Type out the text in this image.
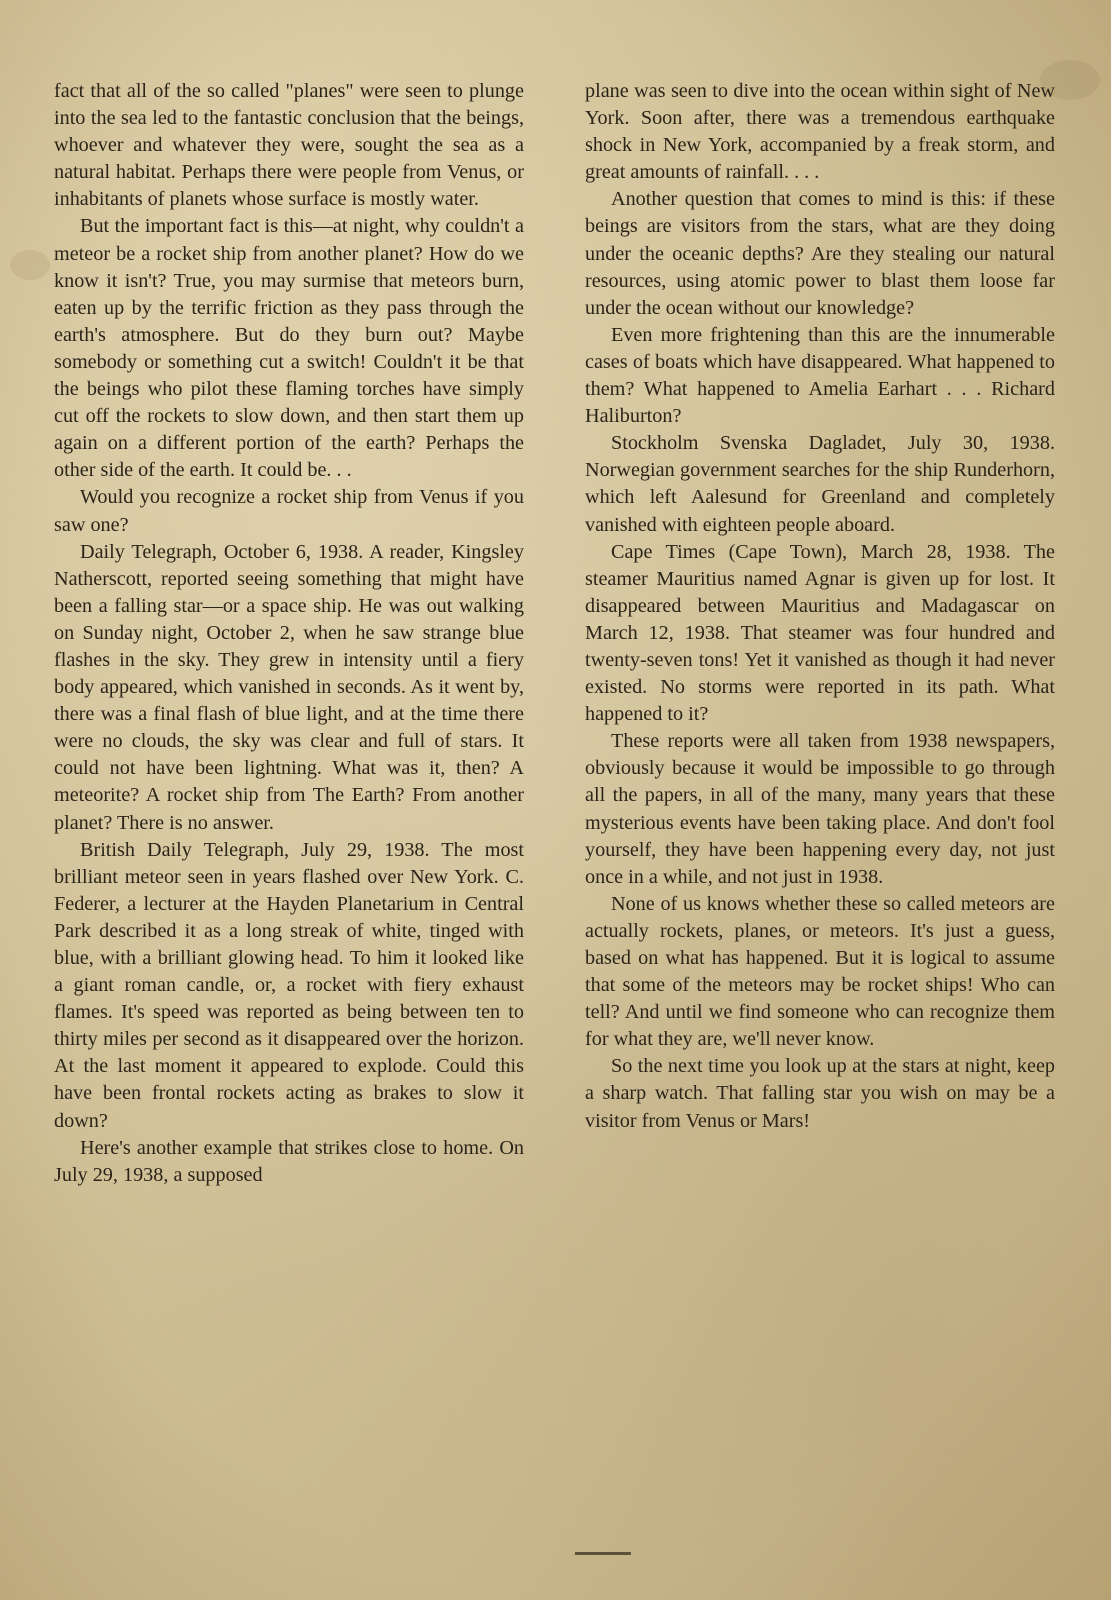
fact that all of the so called "planes" were seen to plunge into the sea led to the fantastic conclusion that the beings, whoever and whatever they were, sought the sea as a natural habitat. Perhaps there were people from Venus, or inhabitants of planets whose surface is mostly water.

But the important fact is this—at night, why couldn't a meteor be a rocket ship from another planet? How do we know it isn't? True, you may surmise that meteors burn, eaten up by the terrific friction as they pass through the earth's atmosphere. But do they burn out? Maybe somebody or something cut a switch! Couldn't it be that the beings who pilot these flaming torches have simply cut off the rockets to slow down, and then start them up again on a different portion of the earth? Perhaps the other side of the earth. It could be. . .

Would you recognize a rocket ship from Venus if you saw one?

Daily Telegraph, October 6, 1938. A reader, Kingsley Natherscott, reported seeing something that might have been a falling star—or a space ship. He was out walking on Sunday night, October 2, when he saw strange blue flashes in the sky. They grew in intensity until a fiery body appeared, which vanished in seconds. As it went by, there was a final flash of blue light, and at the time there were no clouds, the sky was clear and full of stars. It could not have been lightning. What was it, then? A meteorite? A rocket ship from The Earth? From another planet? There is no answer.

British Daily Telegraph, July 29, 1938. The most brilliant meteor seen in years flashed over New York. C. Federer, a lecturer at the Hayden Planetarium in Central Park described it as a long streak of white, tinged with blue, with a brilliant glowing head. To him it looked like a giant roman candle, or, a rocket with fiery exhaust flames. It's speed was reported as being between ten to thirty miles per second as it disappeared over the horizon. At the last moment it appeared to explode. Could this have been frontal rockets acting as brakes to slow it down?

Here's another example that strikes close to home. On July 29, 1938, a supposed

plane was seen to dive into the ocean within sight of New York. Soon after, there was a tremendous earthquake shock in New York, accompanied by a freak storm, and great amounts of rainfall. . . .

Another question that comes to mind is this: if these beings are visitors from the stars, what are they doing under the oceanic depths? Are they stealing our natural resources, using atomic power to blast them loose far under the ocean without our knowledge?

Even more frightening than this are the innumerable cases of boats which have disappeared. What happened to them? What happened to Amelia Earhart . . . Richard Haliburton?

Stockholm Svenska Dagladet, July 30, 1938. Norwegian government searches for the ship Runderhorn, which left Aalesund for Greenland and completely vanished with eighteen people aboard.

Cape Times (Cape Town), March 28, 1938. The steamer Mauritius named Agnar is given up for lost. It disappeared between Mauritius and Madagascar on March 12, 1938. That steamer was four hundred and twenty-seven tons! Yet it vanished as though it had never existed. No storms were reported in its path. What happened to it?

These reports were all taken from 1938 newspapers, obviously because it would be impossible to go through all the papers, in all of the many, many years that these mysterious events have been taking place. And don't fool yourself, they have been happening every day, not just once in a while, and not just in 1938.

None of us knows whether these so called meteors are actually rockets, planes, or meteors. It's just a guess, based on what has happened. But it is logical to assume that some of the meteors may be rocket ships! Who can tell? And until we find someone who can recognize them for what they are, we'll never know.

So the next time you look up at the stars at night, keep a sharp watch. That falling star you wish on may be a visitor from Venus or Mars!
